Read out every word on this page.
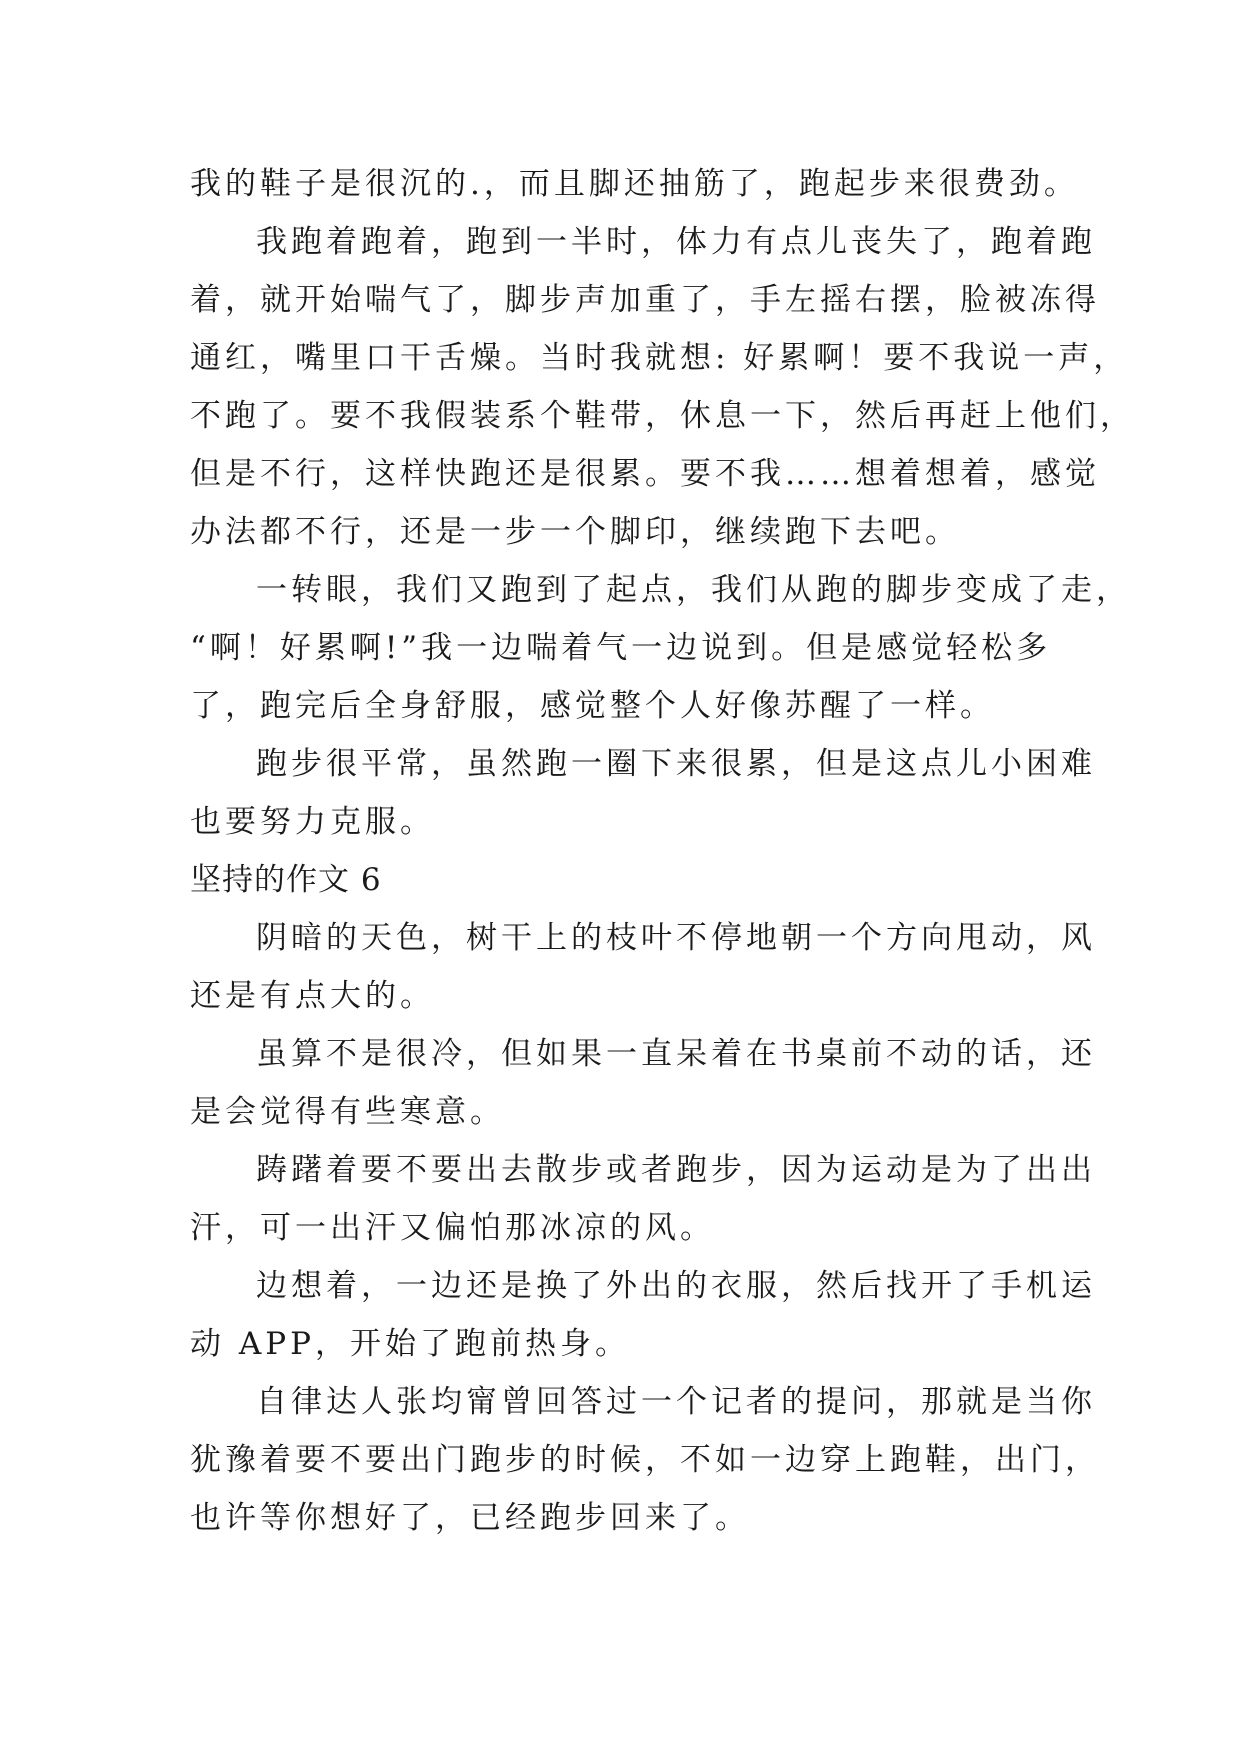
我的鞋子是很沉的.，而且脚还抽筋了，跑起步来很费劲。
我跑着跑着，跑到一半时，体力有点儿丧失了，跑着跑
着，就开始喘气了，脚步声加重了，手左摇右摆，脸被冻得
通红，嘴里口干舌燥。当时我就想: 好累啊！要不我说一声，
不跑了。要不我假装系个鞋带，休息一下，然后再赶上他们，
但是不行，这样快跑还是很累。要不我……想着想着，感觉
办法都不行，还是一步一个脚印，继续跑下去吧。
一转眼，我们又跑到了起点，我们从跑的脚步变成了走，
“啊！好累啊!”我一边喘着气一边说到。但是感觉轻松多
了，跑完后全身舒服，感觉整个人好像苏醒了一样。
跑步很平常，虽然跑一圈下来很累，但是这点儿小困难
也要努力克服。
坚持的作文 6
阴暗的天色，树干上的枝叶不停地朝一个方向甩动，风
还是有点大的。
虽算不是很冷，但如果一直呆着在书桌前不动的话，还
是会觉得有些寒意。
踌躇着要不要出去散步或者跑步，因为运动是为了出出
汗，可一出汗又偏怕那冰凉的风。
边想着，一边还是换了外出的衣服，然后找开了手机运
动 APP，开始了跑前热身。
自律达人张均甯曾回答过一个记者的提问，那就是当你
犹豫着要不要出门跑步的时候，不如一边穿上跑鞋，出门，
也许等你想好了，已经跑步回来了。
